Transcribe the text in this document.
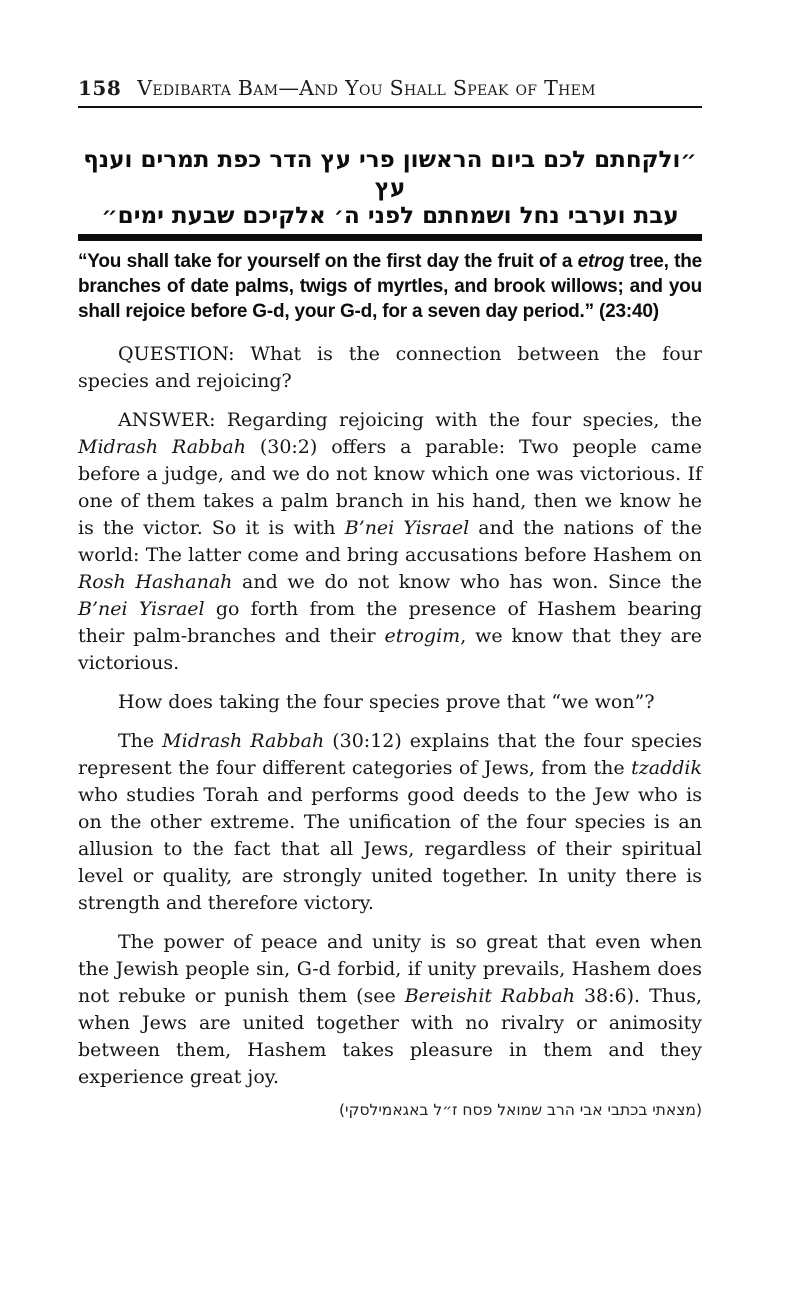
158 Vedibarta Bam—And You Shall Speak of Them
״ולקחתם לכם ביום הראשון פרי עץ הדר כפת תמרים וענף עץ
עבת וערבי נחל ושמחתם לפני ה׳ אלקיכם שבעת ימים״
“You shall take for yourself on the first day the fruit of a etrog tree, the branches of date palms, twigs of myrtles, and brook willows; and you shall rejoice before G-d, your G-d, for a seven day period.” (23:40)
QUESTION: What is the connection between the four species and rejoicing?
ANSWER: Regarding rejoicing with the four species, the Midrash Rabbah (30:2) offers a parable: Two people came before a judge, and we do not know which one was victorious. If one of them takes a palm branch in his hand, then we know he is the victor. So it is with B’nei Yisrael and the nations of the world: The latter come and bring accusations before Hashem on Rosh Hashanah and we do not know who has won. Since the B’nei Yisrael go forth from the presence of Hashem bearing their palm-branches and their etrogim, we know that they are victorious.
How does taking the four species prove that “we won”?
The Midrash Rabbah (30:12) explains that the four species represent the four different categories of Jews, from the tzaddik who studies Torah and performs good deeds to the Jew who is on the other extreme. The unification of the four species is an allusion to the fact that all Jews, regardless of their spiritual level or quality, are strongly united together. In unity there is strength and therefore victory.
The power of peace and unity is so great that even when the Jewish people sin, G-d forbid, if unity prevails, Hashem does not rebuke or punish them (see Bereishit Rabbah 38:6). Thus, when Jews are united together with no rivalry or animosity between them, Hashem takes pleasure in them and they experience great joy.
(מצאתי בכתבי אבי הרב שמואל פסח ז״ל באגאמילסקי)
